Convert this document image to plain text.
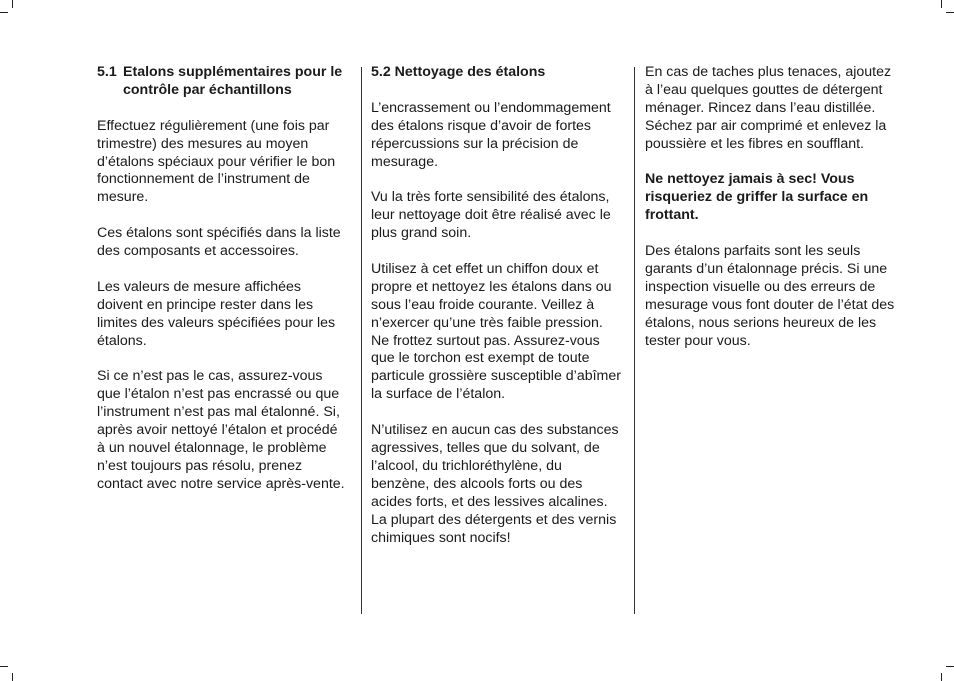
5.1 Etalons supplémentaires pour le contrôle par échantillons

Effectuez régulièrement (une fois par trimestre) des mesures au moyen d’étalons spéciaux pour vérifier le bon fonctionnement de l’instrument de mesure.

Ces étalons sont spécifiés dans la liste des composants et accessoires.

Les valeurs de mesure affichées doivent en principe rester dans les limites des valeurs spécifiées pour les étalons.

Si ce n’est pas le cas, assurez-vous que l’étalon n’est pas encrassé ou que l’instrument n’est pas mal étalonné. Si, après avoir nettoyé l’étalon et procédé à un nouvel étalonnage, le problème n’est toujours pas résolu, prenez contact avec notre service après-vente.

5.2 Nettoyage des étalons

L’encrassement ou l’endommagement des étalons risque d’avoir de fortes répercussions sur la précision de mesurage.

Vu la très forte sensibilité des étalons, leur nettoyage doit être réalisé avec le plus grand soin.

Utilisez à cet effet un chiffon doux et propre et nettoyez les étalons dans ou sous l’eau froide courante. Veillez à n’exercer qu’une très faible pression. Ne frottez surtout pas. Assurez-vous que le torchon est exempt de toute particule grossière susceptible d’abîmer la surface de l’étalon.

N’utilisez en aucun cas des substances agressives, telles que du solvant, de l’alcool, du trichloréthylène, du benzène, des alcools forts ou des acides forts, et des lessives alcalines. La plupart des détergents et des vernis chimiques sont nocifs!

En cas de taches plus tenaces, ajoutez à l’eau quelques gouttes de détergent ménager. Rincez dans l’eau distillée. Séchez par air comprimé et enlevez la poussière et les fibres en soufflant.

Ne nettoyez jamais à sec! Vous risqueriez de griffer la surface en frottant.

Des étalons parfaits sont les seuls garants d’un étalonnage précis. Si une inspection visuelle ou des erreurs de mesurage vous font douter de l’état des étalons, nous serions heureux de les tester pour vous.
